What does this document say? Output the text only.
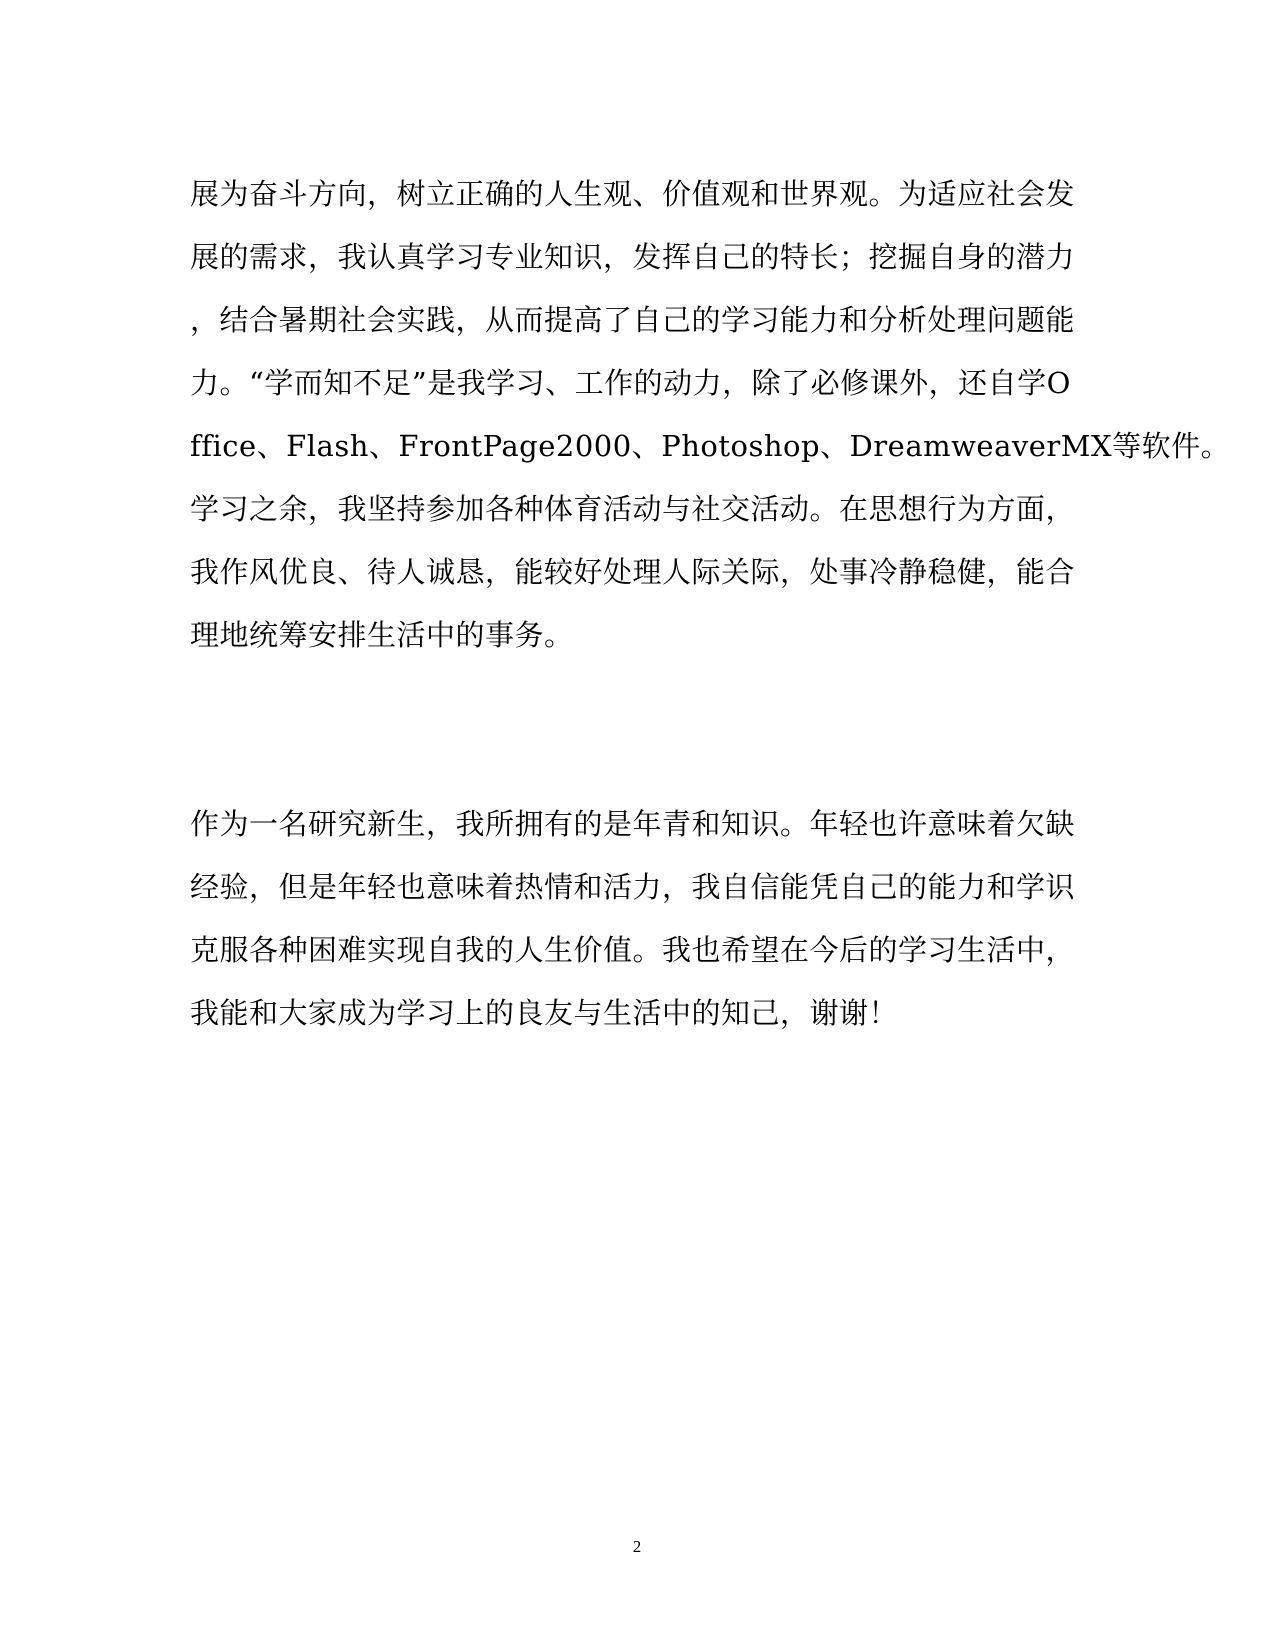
展为奋斗方向，树立正确的人生观、价值观和世界观。为适应社会发
展的需求，我认真学习专业知识，发挥自己的特长；挖掘自身的潜力
，结合暑期社会实践，从而提高了自己的学习能力和分析处理问题能
力。“学而知不足”是我学习、工作的动力，除了必修课外，还自学O
ffice、Flash、FrontPage2000、Photoshop、DreamweaverMX等软件。
学习之余，我坚持参加各种体育活动与社交活动。在思想行为方面，
我作风优良、待人诚恳，能较好处理人际关际，处事冷静稳健，能合
理地统筹安排生活中的事务。
作为一名研究新生，我所拥有的是年青和知识。年轻也许意味着欠缺
经验，但是年轻也意味着热情和活力，我自信能凭自己的能力和学识
克服各种困难实现自我的人生价值。我也希望在今后的学习生活中，
我能和大家成为学习上的良友与生活中的知己，谢谢！
2
